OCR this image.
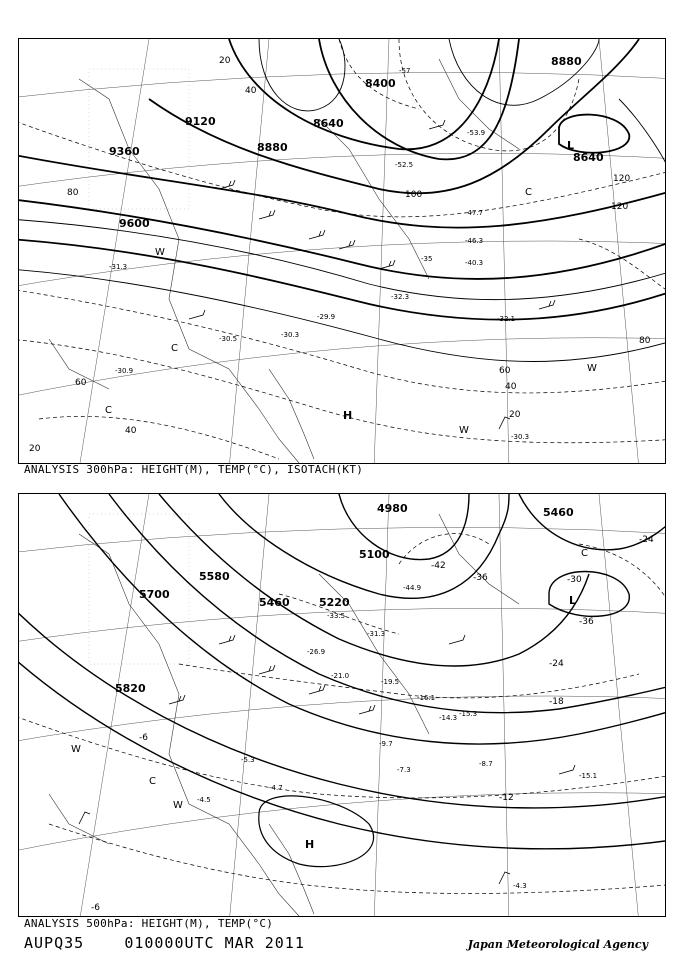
8400
8640
8880
9120
9360
9600
8640
8880
20
40
60
80
100
120
20
40
60
80
120
20
40
L
H
C
W
C
C
W
W
-57
-53.9
-52.5
-47.7
-46.3
-40.3
-35
-32.3
-32.1
-30.5	-30.3
-31.3
-30.9
-30.3
-29.9
ANALYSIS 300hPa: HEIGHT(M), TEMP(°C), ISOTACH(KT)
5100
5220
5460
5460
5580
5700
5820
4980
-42
-36
-36
-30
-24
-24
-18
-12
-6
-6
L
H
C
W
W
C
-44.9
-33.5
-31.3
-26.9
-21.0
-19.5
-16.1
-15.3
-14.3
-9.7
-8.7
-7.3
-5.3
-4.7
-4.5
-15.1
-4.3
ANALYSIS 500hPa: HEIGHT(M), TEMP(°C)
AUPQ35	010000UTC MAR 2011	Japan Meteorological Agency
